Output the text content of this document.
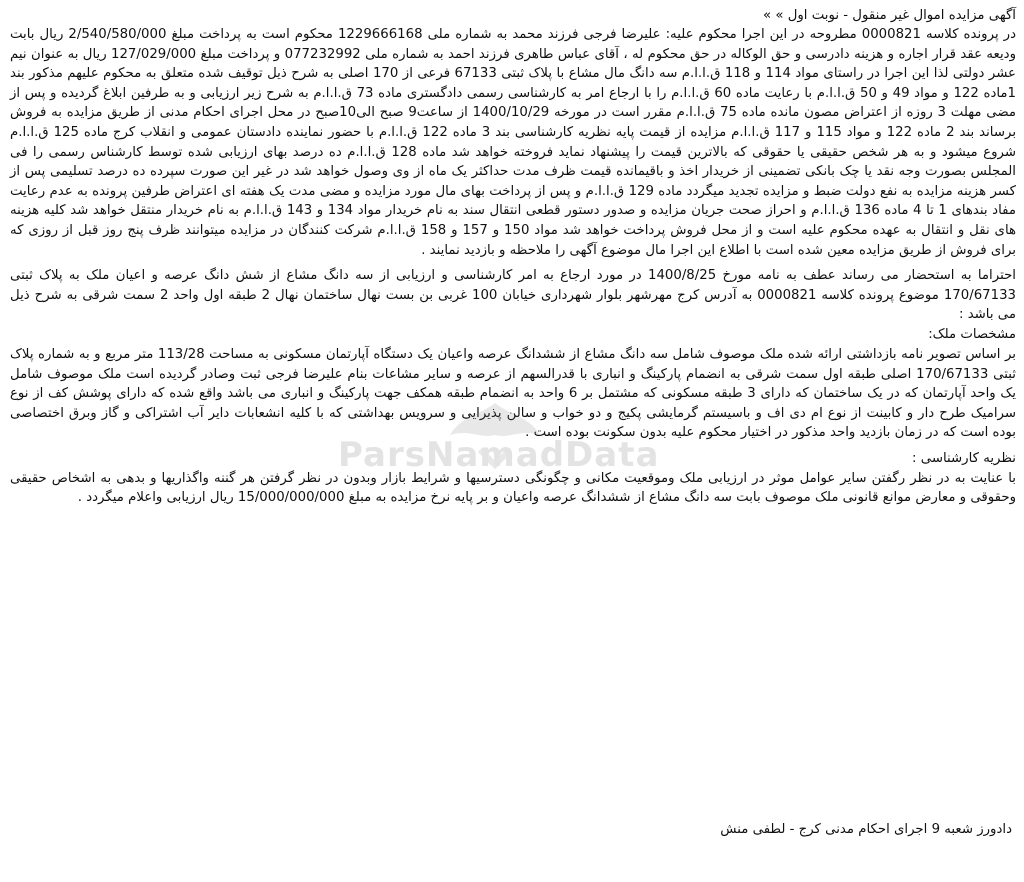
ParsNamadData

آگهی مزایده اموال غیر منقول - نوبت اول » »

در پرونده کلاسه 0000821 مطروحه در این اجرا محکوم علیه: علیرضا فرجی فرزند محمد به شماره ملی 1229666168 محکوم است به پرداخت مبلغ 2/540/580/000 ریال بابت ودیعه عقد قرار اجاره و هزینه دادرسی و حق الوکاله در حق محکوم له ، آقای عباس طاهری فرزند احمد به شماره ملی 077232992 و پرداخت مبلغ 127/029/000 ریال به عنوان نیم عشر دولتی لذا این اجرا در راستای مواد 114 و 118 ق.ا.ا.م سه دانگ مال مشاع با پلاک ثبتی 67133 فرعی از 170 اصلی به شرح ذیل توقیف شده متعلق به محکوم علیهم مذکور بند 1ماده 122 و مواد 49 و 50 ق.ا.ا.م با رعایت ماده 60 ق.ا.ا.م را با ارجاع امر به کارشناسی رسمی دادگستری ماده 73 ق.ا.ا.م به شرح زیر ارزیابی و به طرفین ابلاغ گردیده و پس از مضی مهلت 3 روزه از اعتراض مصون مانده ماده 75 ق.ا.ا.م مقرر است در مورخه 1400/10/29 از ساعت9 صبح الی10صبح در محل اجرای احکام مدنی از طریق مزایده به فروش برساند بند 2 ماده 122 و مواد 115 و 117 ق.ا.ا.م مزایده از قیمت پایه نظریه کارشناسی بند 3 ماده 122 ق.ا.ا.م با حضور نماینده دادستان عمومی و انقلاب کرج ماده 125 ق.ا.ا.م شروع میشود و به هر شخص حقیقی یا حقوقی که بالاترین قیمت را پیشنهاد نماید فروخته خواهد شد ماده 128 ق.ا.ا.م ده درصد بهای ارزیابی شده توسط کارشناس رسمی را فی المجلس بصورت وجه نقد یا چک بانکی تضمینی از خریدار اخذ و باقیمانده قیمت ظرف مدت حداکثر یک ماه از وی وصول خواهد شد در غیر این صورت سپرده ده درصد تسلیمی پس از کسر هزینه مزایده به نفع دولت ضبط و مزایده تجدید میگردد ماده 129 ق.ا.ا.م و پس از پرداخت بهای مال مورد مزایده و مضی مدت یک هفته ای اعتراض طرفین پرونده به عدم رعایت مفاد بندهای 1 تا 4 ماده 136 ق.ا.ا.م و احراز صحت جریان مزایده و صدور دستور قطعی انتقال سند به نام خریدار مواد 134 و 143 ق.ا.ا.م به نام خریدار منتقل خواهد شد کلیه هزینه های نقل و انتقال به عهده محکوم علیه است و از محل فروش پرداخت خواهد شد مواد 150 و 157 و 158 ق.ا.ا.م شرکت کنندگان در مزایده میتوانند ظرف پنج روز قبل از روزی که برای فروش از طریق مزایده معین شده است با اطلاع این اجرا مال موضوع آگهی را ملاحظه و بازدید نمایند .

احتراما به استحضار می رساند عطف به نامه مورخ 1400/8/25 در مورد ارجاع به امر کارشناسی و ارزیابی از سه دانگ مشاع از شش دانگ عرصه و اعیان ملک به پلاک ثبتی 170/67133 موضوع پرونده کلاسه 0000821 به آدرس کرج مهرشهر بلوار شهرداری خیابان 100 غربی بن بست نهال ساختمان نهال 2 طبقه اول واحد 2 سمت شرقی به شرح ذیل می باشد :

مشخصات ملک:

بر اساس تصویر نامه بازداشتی ارائه شده ملک موصوف شامل سه دانگ مشاع از ششدانگ عرصه واعیان یک دستگاه آپارتمان مسکونی به مساحت 113/28 متر مربع و به شماره پلاک ثبتی 170/67133 اصلی طبقه اول سمت شرقی به انضمام پارکینگ و انباری با قدرالسهم از عرصه و سایر مشاعات بنام علیرضا فرجی ثبت وصادر گردیده است ملک موصوف شامل یک واحد آپارتمان که در یک ساختمان که دارای 3 طبقه مسکونی که مشتمل بر 6 واحد به انضمام طبقه همکف جهت پارکینگ و انباری می باشد واقع شده که دارای پوشش کف از نوع سرامیک طرح دار و کابینت از نوع ام دی اف و باسیستم گرمایشی پکیج و دو خواب و سالن پذیرایی و سرویس بهداشتی که با کلیه انشعابات دایر آب اشتراکی و گاز وبرق اختصاصی بوده است که در زمان بازدید واحد مذکور در اختیار محکوم علیه بدون سکونت بوده است .

نظریه کارشناسی :

با عنایت به در نظر رگفتن سایر عوامل موثر در ارزیابی ملک وموقعیت مکانی و چگونگی دسترسیها و شرایط بازار وبدون در نظر گرفتن هر گننه واگذاریها و بدهی به اشخاص حقیقی وحقوقی و معارض موانع قانونی ملک موصوف بابت سه دانگ مشاع از ششدانگ عرصه واعیان و بر پایه نرخ مزایده به مبلغ 15/000/000/000 ریال ارزیابی واعلام میگردد .

دادورز شعبه 9 اجرای احکام مدنی کرج - لطفی منش
